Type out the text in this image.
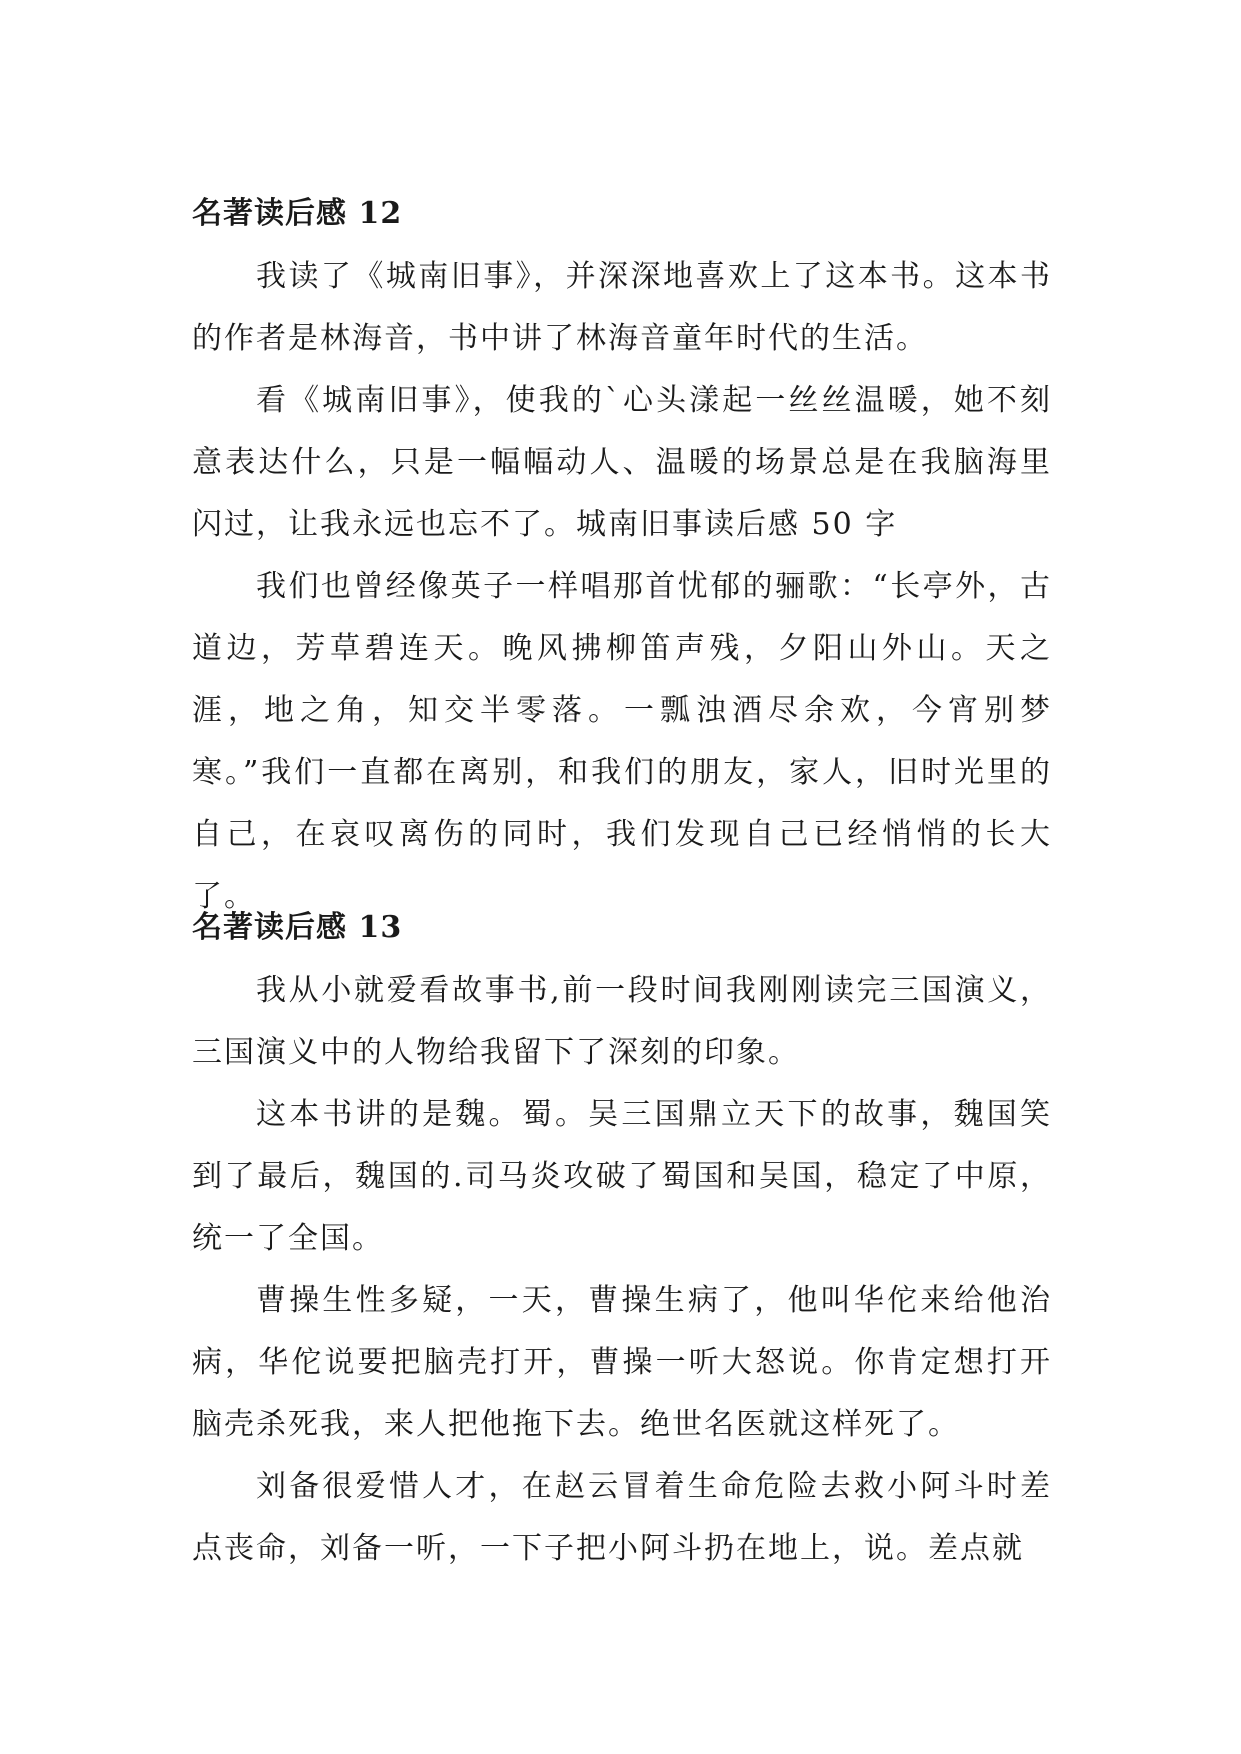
名著读后感 12

我读了《城南旧事》，并深深地喜欢上了这本书。这本书的作者是林海音，书中讲了林海音童年时代的生活。

看《城南旧事》，使我的`心头漾起一丝丝温暖，她不刻意表达什么，只是一幅幅动人、温暖的场景总是在我脑海里闪过，让我永远也忘不了。城南旧事读后感 50 字

我们也曾经像英子一样唱那首忧郁的骊歌：“长亭外，古道边，芳草碧连天。晚风拂柳笛声残，夕阳山外山。天之涯，地之角，知交半零落。一瓢浊酒尽余欢，今宵别梦寒。”我们一直都在离别，和我们的朋友，家人，旧时光里的自己，在哀叹离伤的同时，我们发现自己已经悄悄的长大了。

名著读后感 13

我从小就爱看故事书,前一段时间我刚刚读完三国演义，三国演义中的人物给我留下了深刻的印象。

这本书讲的是魏。蜀。吴三国鼎立天下的故事，魏国笑到了最后，魏国的.司马炎攻破了蜀国和吴国，稳定了中原，统一了全国。

曹操生性多疑，一天，曹操生病了，他叫华佗来给他治病，华佗说要把脑壳打开，曹操一听大怒说。你肯定想打开脑壳杀死我，来人把他拖下去。绝世名医就这样死了。

刘备很爱惜人才，在赵云冒着生命危险去救小阿斗时差点丧命，刘备一听，一下子把小阿斗扔在地上，说。差点就
